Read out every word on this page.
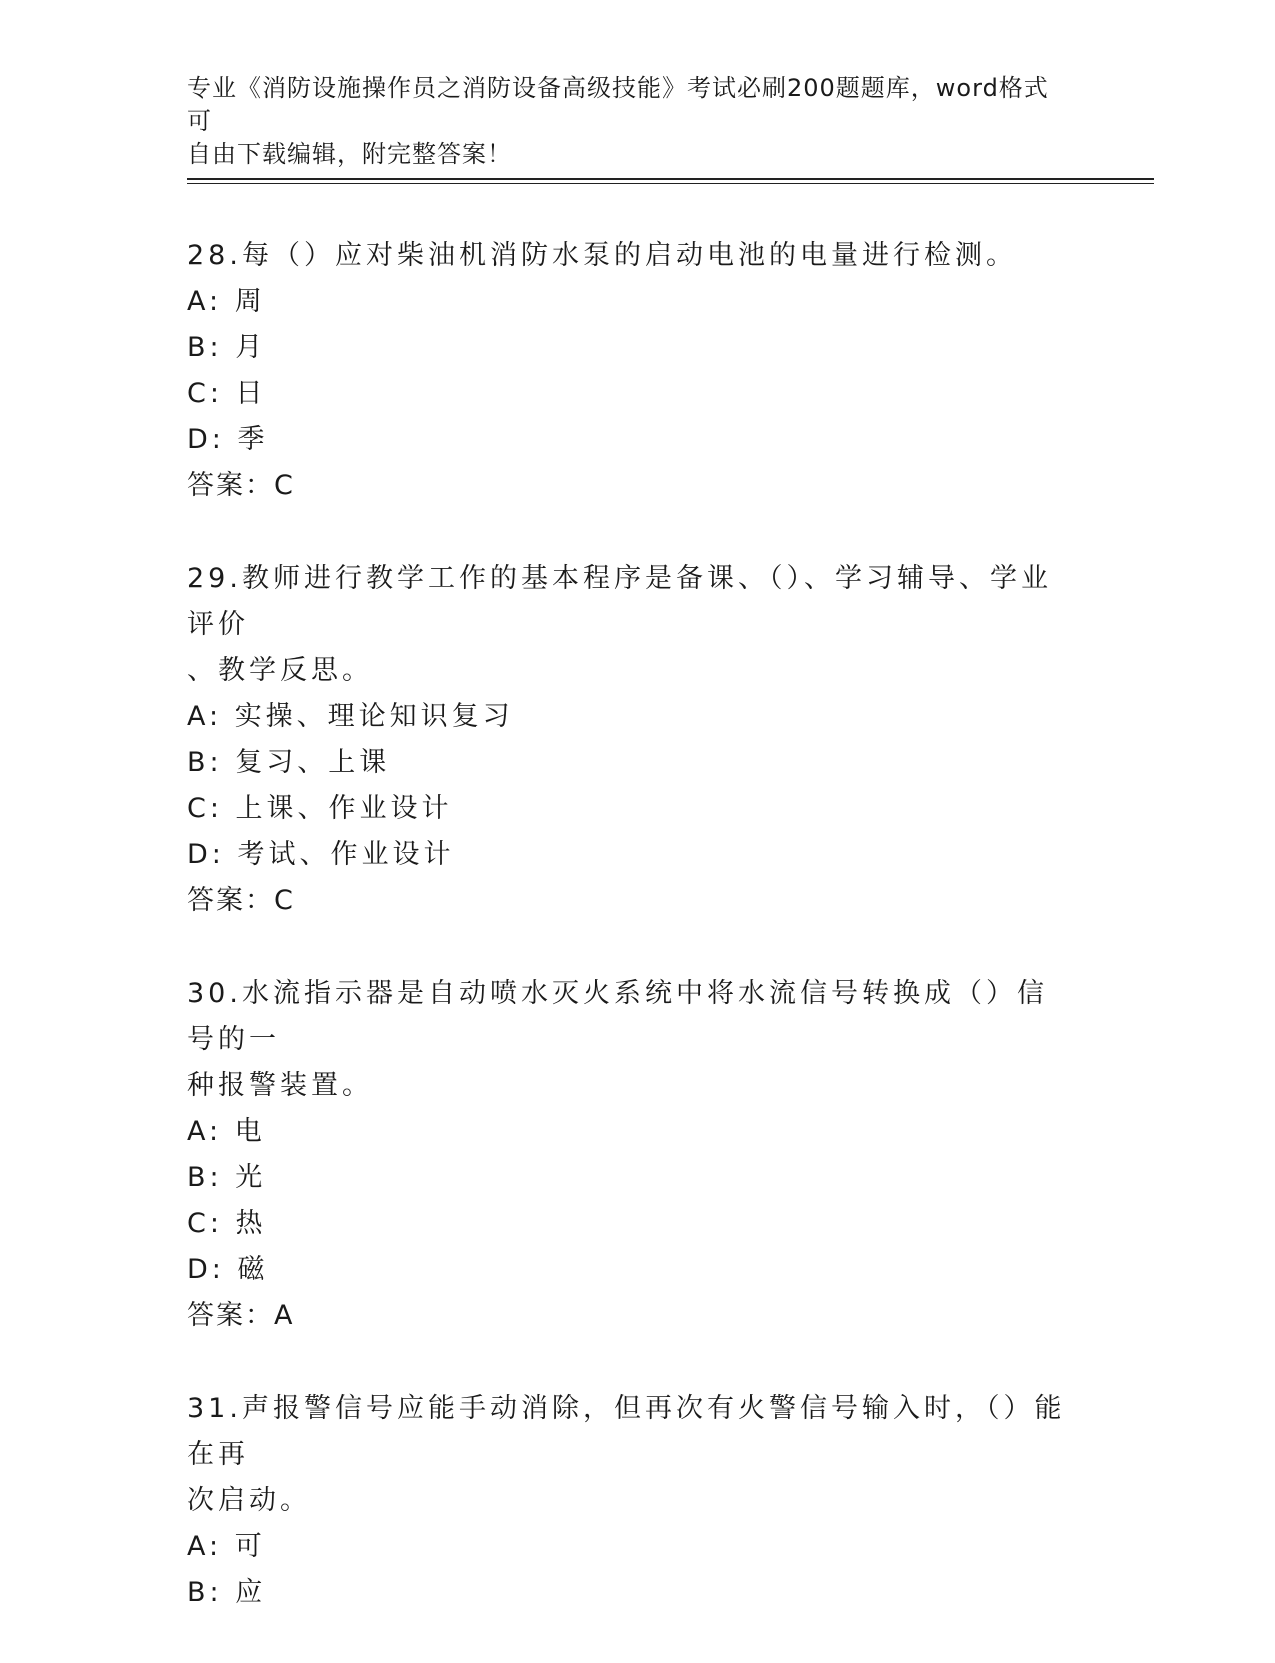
专业《消防设施操作员之消防设备高级技能》考试必刷200题题库，word格式可
自由下载编辑，附完整答案！
28.每（）应对柴油机消防水泵的启动电池的电量进行检测。
A: 周
B: 月
C: 日
D: 季
答案：C
29.教师进行教学工作的基本程序是备课、（）、学习辅导、学业评价
、教学反思。
A: 实操、理论知识复习
B: 复习、上课
C: 上课、作业设计
D: 考试、作业设计
答案：C
30.水流指示器是自动喷水灭火系统中将水流信号转换成（）信号的一
种报警装置。
A: 电
B: 光
C: 热
D: 磁
答案：A
31.声报警信号应能手动消除，但再次有火警信号输入时，（）能在再
次启动。
A: 可
B: 应
